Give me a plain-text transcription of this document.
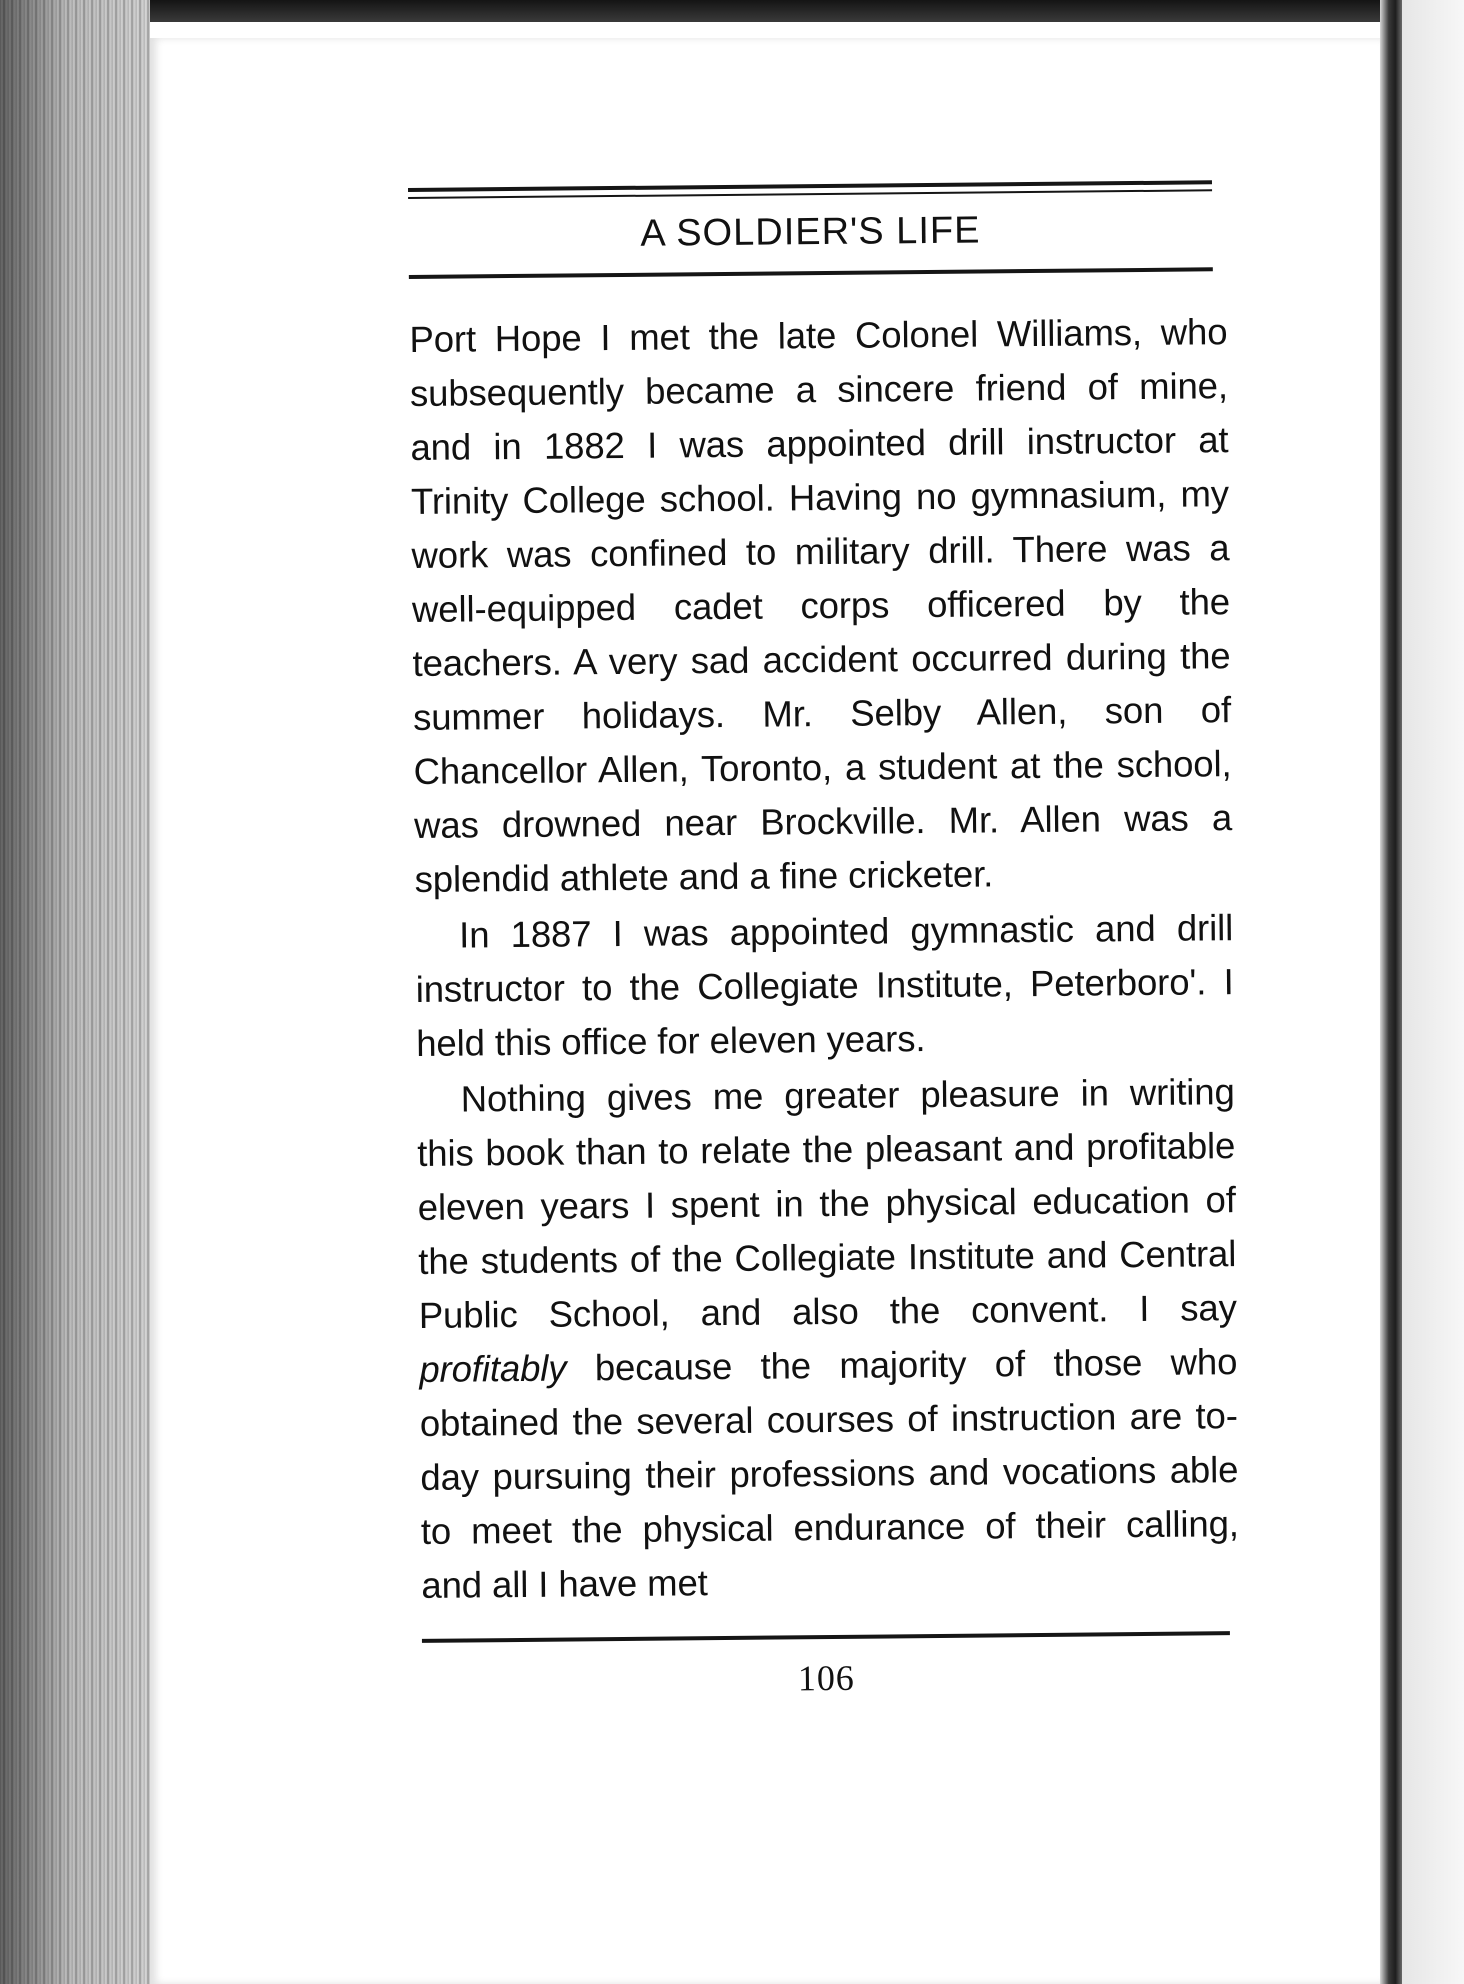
A SOLDIER'S LIFE

Port Hope I met the late Colonel Williams, who subsequently became a sincere friend of mine, and in 1882 I was appointed drill instructor at Trinity College school. Having no gymnasium, my work was confined to military drill. There was a well-equipped cadet corps officered by the teachers. A very sad accident occurred during the summer holidays. Mr. Selby Allen, son of Chancellor Allen, Toronto, a student at the school, was drowned near Brockville. Mr. Allen was a splendid athlete and a fine cricketer.

In 1887 I was appointed gymnastic and drill instructor to the Collegiate Institute, Peterboro'. I held this office for eleven years.

Nothing gives me greater pleasure in writing this book than to relate the pleasant and profitable eleven years I spent in the physical education of the students of the Collegiate Institute and Central Public School, and also the convent. I say profitably because the majority of those who obtained the several courses of instruction are to-day pursuing their professions and vocations able to meet the physical endurance of their calling, and all I have met

106
